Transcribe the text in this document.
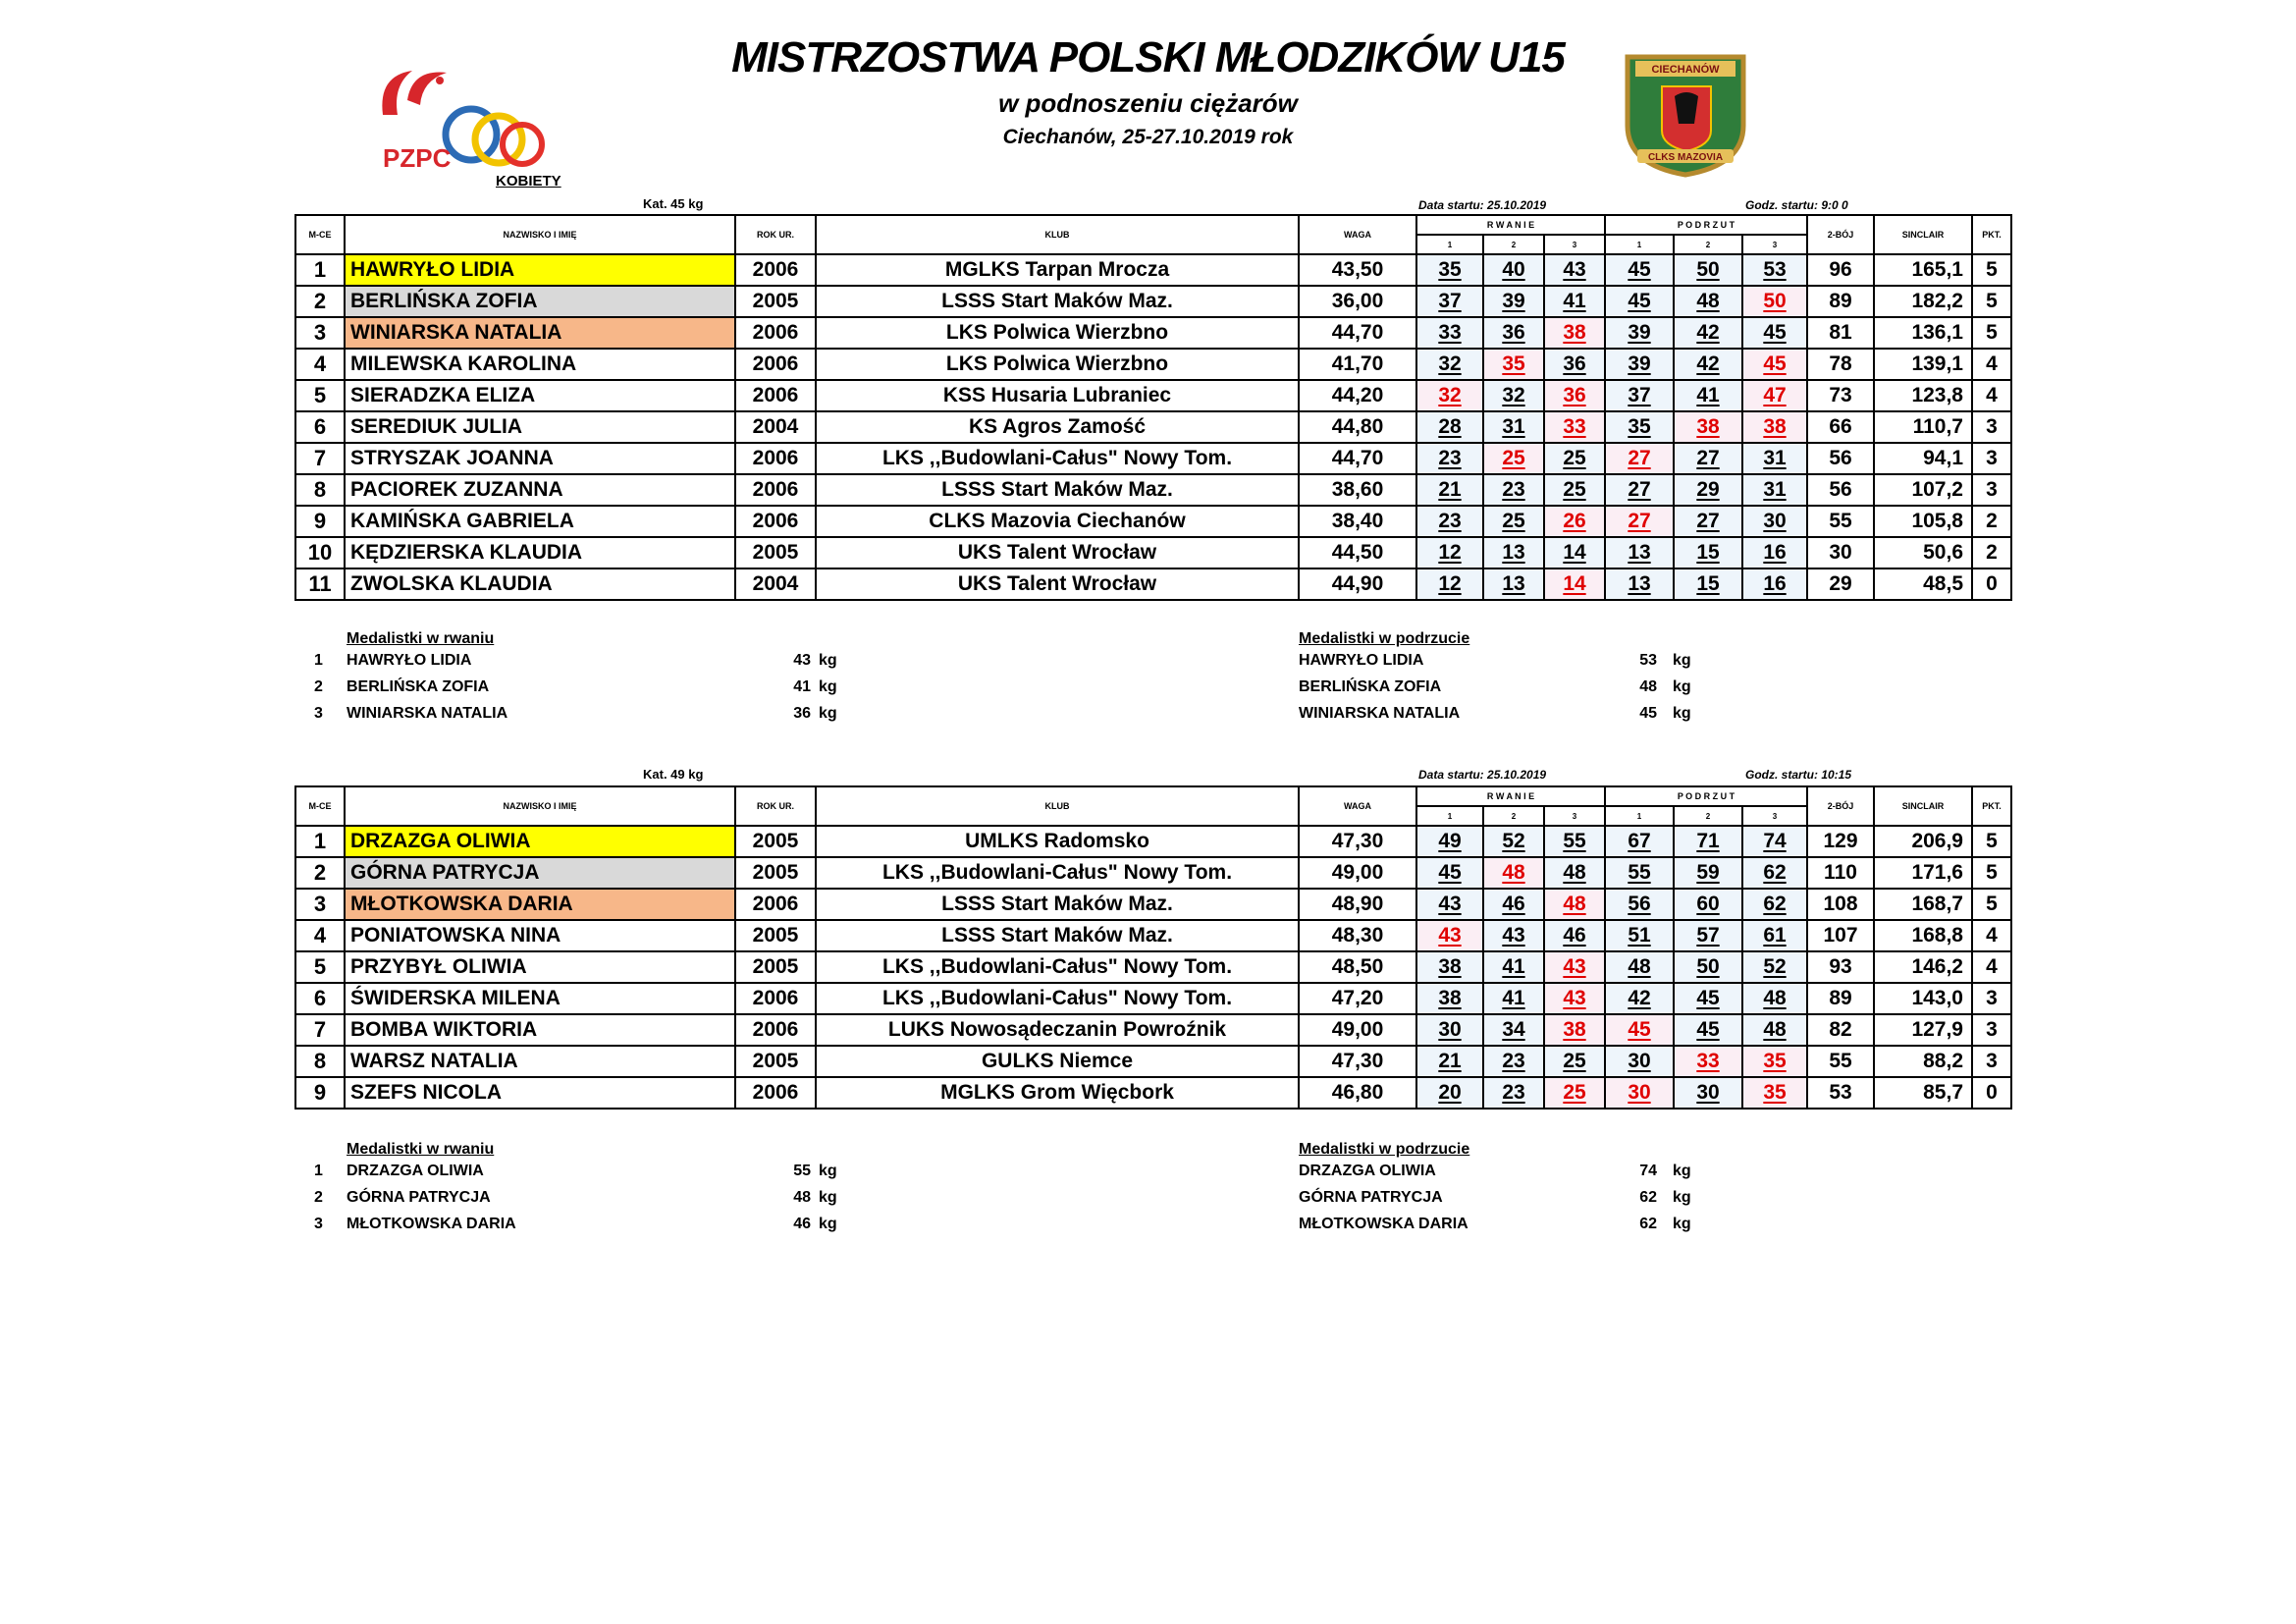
MISTRZOSTWA POLSKI MŁODZIKÓW U15
w podnoszeniu ciężarów
Ciechanów, 25-27.10.2019 rok
PZPC
CIECHANÓW
CLKS MAZOVIA
KOBIETY
Kat. 45 kg	Data startu: 25.10.2019	Godz. startu: 9:0 0
M-CE	NAZWISKO I IMIĘ	ROK UR.	KLUB	WAGA	R W A N I E			P O D R Z U T			2-BÓJ	SINCLAIR	PKT.
					1	2	3	1	2	3			
1	HAWRYŁO LIDIA	2006	MGLKS Tarpan Mrocza	43,50	35	40	43	45	50	53	96	165,1	5
2	BERLIŃSKA ZOFIA	2005	LSSS Start Maków Maz.	36,00	37	39	41	45	48	50	89	182,2	5
3	WINIARSKA NATALIA	2006	LKS Polwica Wierzbno	44,70	33	36	38	39	42	45	81	136,1	5
4	MILEWSKA KAROLINA	2006	LKS Polwica Wierzbno	41,70	32	35	36	39	42	45	78	139,1	4
5	SIERADZKA ELIZA	2006	KSS Husaria Lubraniec	44,20	32	32	36	37	41	47	73	123,8	4
6	SEREDIUK JULIA	2004	KS Agros Zamość	44,80	28	31	33	35	38	38	66	110,7	3
7	STRYSZAK JOANNA	2006	LKS ,,Budowlani-Całus" Nowy Tom.	44,70	23	25	25	27	27	31	56	94,1	3
8	PACIOREK ZUZANNA	2006	LSSS Start Maków Maz.	38,60	21	23	25	27	29	31	56	107,2	3
9	KAMIŃSKA GABRIELA	2006	CLKS Mazovia Ciechanów	38,40	23	25	26	27	27	30	55	105,8	2
10	KĘDZIERSKA KLAUDIA	2005	UKS Talent Wrocław	44,50	12	13	14	13	15	16	30	50,6	2
11	ZWOLSKA KLAUDIA	2004	UKS Talent Wrocław	44,90	12	13	14	13	15	16	29	48,5	0
Medalistki w rwaniu	Medalistki w podrzucie
1 HAWRYŁO LIDIA	43 kg	HAWRYŁO LIDIA	53 kg
2 BERLIŃSKA ZOFIA	41 kg	BERLIŃSKA ZOFIA	48 kg
3 WINIARSKA NATALIA	36 kg	WINIARSKA NATALIA	45 kg
Kat. 49 kg	Data startu: 25.10.2019	Godz. startu: 10:15
M-CE	NAZWISKO I IMIĘ	ROK UR.	KLUB	WAGA	R W A N I E			P O D R Z U T			2-BÓJ	SINCLAIR	PKT.
					1	2	3	1	2	3			
1	DRZAZGA OLIWIA	2005	UMLKS Radomsko	47,30	49	52	55	67	71	74	129	206,9	5
2	GÓRNA PATRYCJA	2005	LKS ,,Budowlani-Całus" Nowy Tom.	49,00	45	48	48	55	59	62	110	171,6	5
3	MŁOTKOWSKA DARIA	2006	LSSS Start Maków Maz.	48,90	43	46	48	56	60	62	108	168,7	5
4	PONIATOWSKA NINA	2005	LSSS Start Maków Maz.	48,30	43	43	46	51	57	61	107	168,8	4
5	PRZYBYŁ OLIWIA	2005	LKS ,,Budowlani-Całus" Nowy Tom.	48,50	38	41	43	48	50	52	93	146,2	4
6	ŚWIDERSKA MILENA	2006	LKS ,,Budowlani-Całus" Nowy Tom.	47,20	38	41	43	42	45	48	89	143,0	3
7	BOMBA WIKTORIA	2006	LUKS Nowosądeczanin Powroźnik	49,00	30	34	38	45	45	48	82	127,9	3
8	WARSZ NATALIA	2005	GULKS Niemce	47,30	21	23	25	30	33	35	55	88,2	3
9	SZEFS NICOLA	2006	MGLKS Grom Więcbork	46,80	20	23	25	30	30	35	53	85,7	0
Medalistki w rwaniu	Medalistki w podrzucie
1 DRZAZGA OLIWIA	55 kg	DRZAZGA OLIWIA	74 kg
2 GÓRNA PATRYCJA	48 kg	GÓRNA PATRYCJA	62 kg
3 MŁOTKOWSKA DARIA	46 kg	MŁOTKOWSKA DARIA	62 kg
